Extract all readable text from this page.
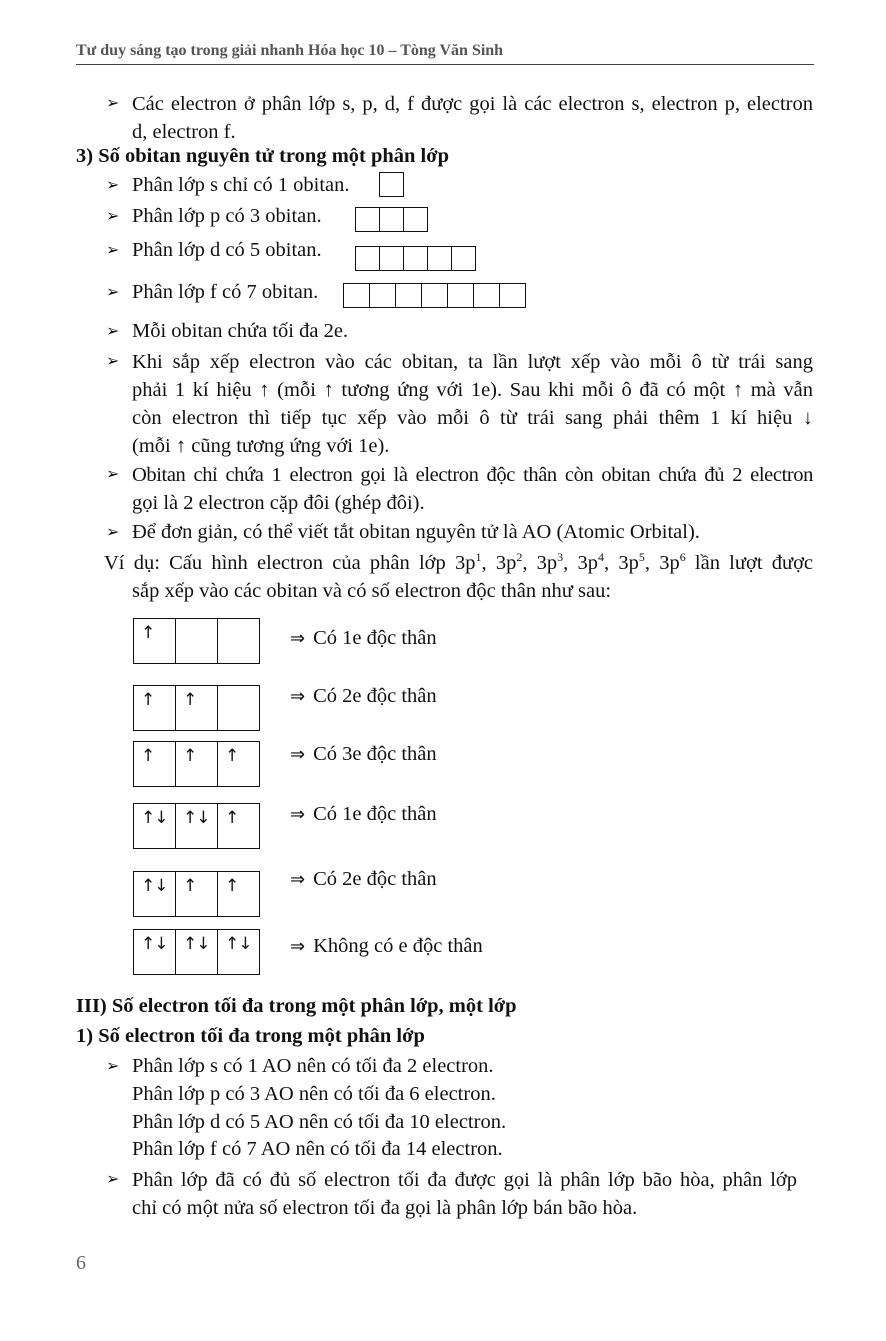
Tư duy sáng tạo trong giải nhanh Hóa học 10 – Tòng Văn Sinh
➢ Các electron ở phân lớp s, p, d, f được gọi là các electron s, electron p, electron
d, electron f.
3) Số obitan nguyên tử trong một phân lớp
➢ Phân lớp s chỉ có 1 obitan.
➢ Phân lớp p có 3 obitan.
➢ Phân lớp d có 5 obitan.
➢ Phân lớp f có 7 obitan.
➢ Mỗi obitan chứa tối đa 2e.
➢ Khi sắp xếp electron vào các obitan, ta lần lượt xếp vào mỗi ô từ trái sang
phải 1 kí hiệu ↑ (mỗi ↑ tương ứng với 1e). Sau khi mỗi ô đã có một ↑ mà vẫn
còn electron thì tiếp tục xếp vào mỗi ô từ trái sang phải thêm 1 kí hiệu ↓
(mỗi ↑ cũng tương ứng với 1e).
➢ Obitan chỉ chứa 1 electron gọi là electron độc thân còn obitan chứa đủ 2 electron
gọi là 2 electron cặp đôi (ghép đôi).
➢ Để đơn giản, có thể viết tắt obitan nguyên tử là AO (Atomic Orbital).
Ví dụ: Cấu hình electron của phân lớp $3p^1$, $3p^2$, $3p^3$, $3p^4$, $3p^5$, $3p^6$ lần lượt được
sắp xếp vào các obitan và có số electron độc thân như sau:
↑	⇒ Có 1e độc thân
↑ ↑	⇒ Có 2e độc thân
↑ ↑ ↑	⇒ Có 3e độc thân
↑↓ ↑↓ ↑	⇒ Có 1e độc thân
↑↓ ↑ ↑	⇒ Có 2e độc thân
↑↓ ↑↓ ↑↓ ⇒ Không có e độc thân
III) Số electron tối đa trong một phân lớp, một lớp
1) Số electron tối đa trong một phân lớp
➢ Phân lớp s có 1 AO nên có tối đa 2 electron.
Phân lớp p có 3 AO nên có tối đa 6 electron.
Phân lớp d có 5 AO nên có tối đa 10 electron.
Phân lớp f có 7 AO nên có tối đa 14 electron.
➢ Phân lớp đã có đủ số electron tối đa được gọi là phân lớp bão hòa, phân lớp
chỉ có một nửa số electron tối đa gọi là phân lớp bán bão hòa.
6
